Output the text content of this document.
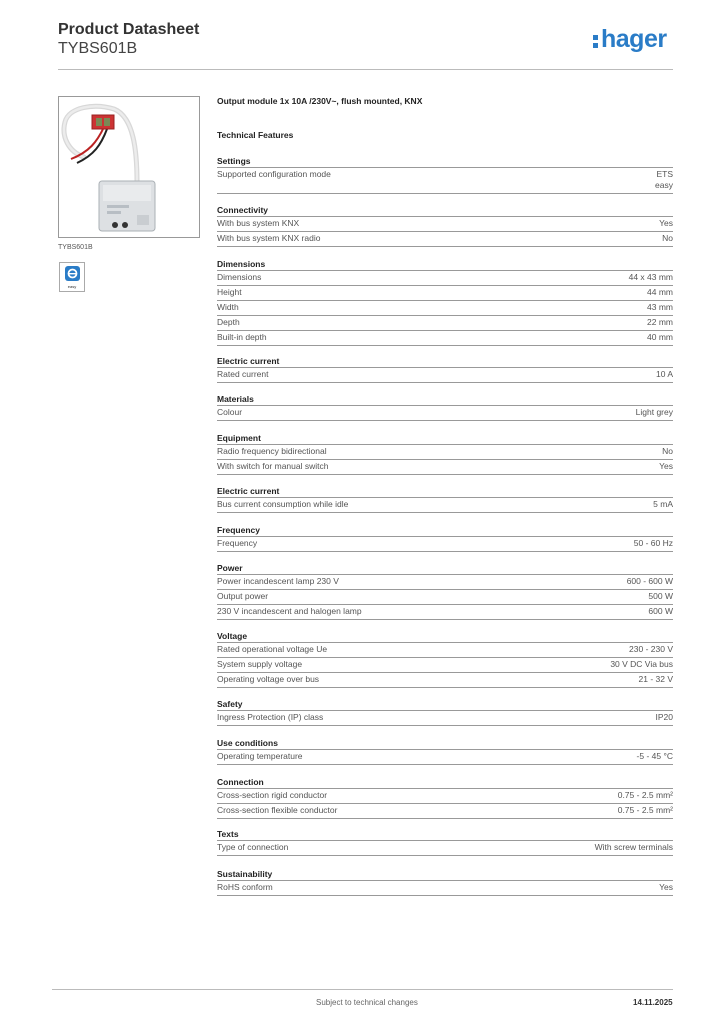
Product Datasheet
TYBS601B	hager
TYBS601B
easy
Output module 1x 10A /230V~, flush mounted, KNX
Technical Features
Settings
Supported configuration mode	ETS
easy
Connectivity
With bus system KNX	Yes
With bus system KNX radio	No
Dimensions
Dimensions	44 x 43 mm
Height	44 mm
Width	43 mm
Depth	22 mm
Built-in depth	40 mm
Electric current
Rated current	10 A
Materials
Colour	Light grey
Equipment
Radio frequency bidirectional	No
With switch for manual switch	Yes
Electric current
Bus current consumption while idle	5 mA
Frequency
Frequency	50 - 60 Hz
Power
Power incandescent lamp 230 V	600 - 600 W
Output power	500 W
230 V incandescent and halogen lamp	600 W
Voltage
Rated operational voltage Ue	230 - 230 V
System supply voltage	30 V DC Via bus
Operating voltage over bus	21 - 32 V
Safety
Ingress Protection (IP) class	IP20
Use conditions
Operating temperature	-5 - 45 °C
Connection
Cross-section rigid conductor	0.75 - 2.5 mm²
Cross-section flexible conductor	0.75 - 2.5 mm²
Texts
Type of connection	With screw terminals
Sustainability
RoHS conform	Yes
Subject to technical changes	14.11.2025
